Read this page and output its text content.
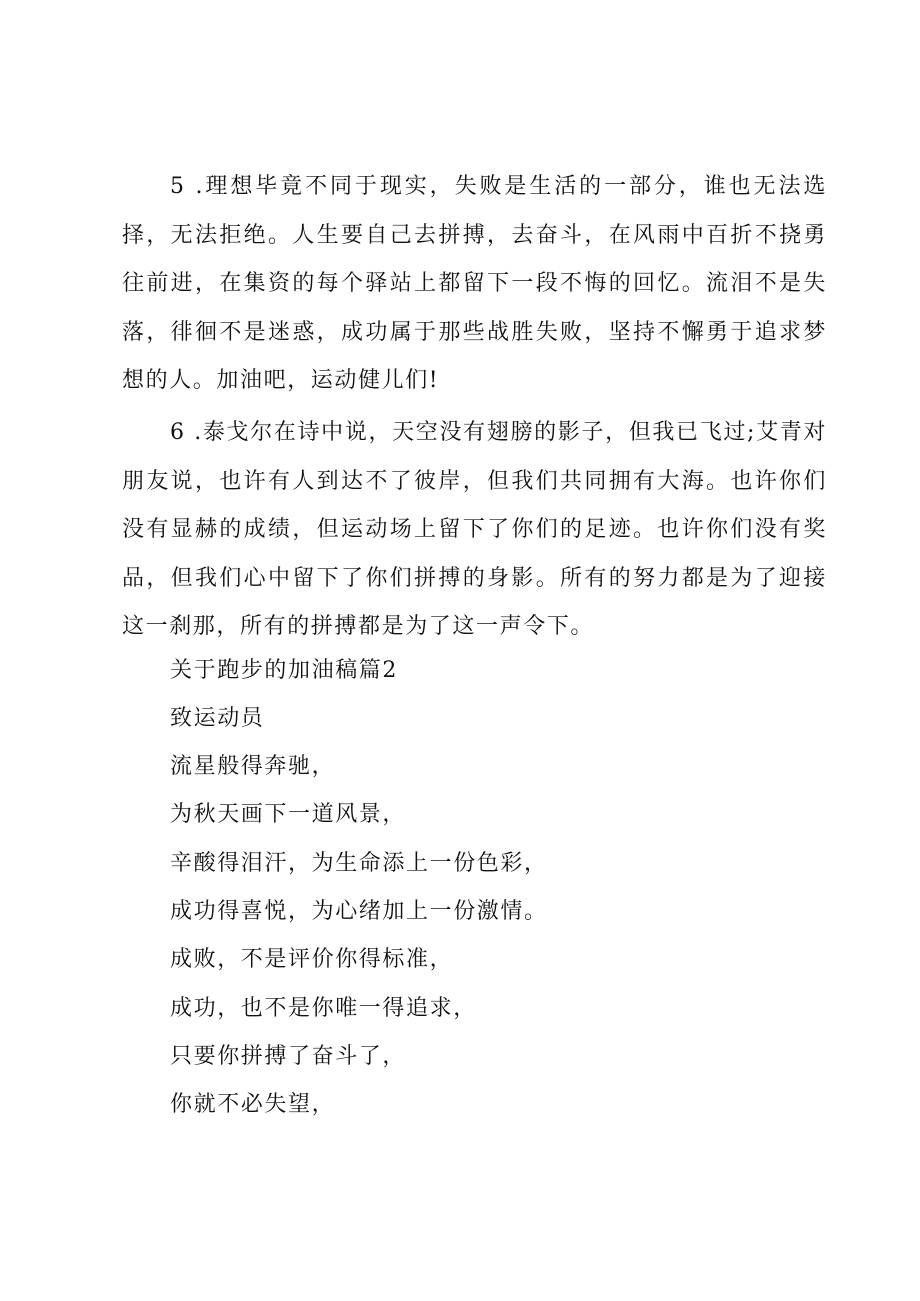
5 .理想毕竟不同于现实，失败是生活的一部分，谁也无法选择，无法拒绝。人生要自己去拼搏，去奋斗，在风雨中百折不挠勇往前进，在集资的每个驿站上都留下一段不悔的回忆。流泪不是失落，徘徊不是迷惑，成功属于那些战胜失败，坚持不懈勇于追求梦想的人。加油吧，运动健儿们!

6 .泰戈尔在诗中说，天空没有翅膀的影子，但我已飞过;艾青对朋友说，也许有人到达不了彼岸，但我们共同拥有大海。也许你们没有显赫的成绩，但运动场上留下了你们的足迹。也许你们没有奖品，但我们心中留下了你们拼搏的身影。所有的努力都是为了迎接这一刹那，所有的拼搏都是为了这一声令下。

关于跑步的加油稿篇2
致运动员
流星般得奔驰，
为秋天画下一道风景，
辛酸得泪汗，为生命添上一份色彩，
成功得喜悦，为心绪加上一份激情。
成败，不是评价你得标准，
成功，也不是你唯一得追求，
只要你拼搏了奋斗了，
你就不必失望，
